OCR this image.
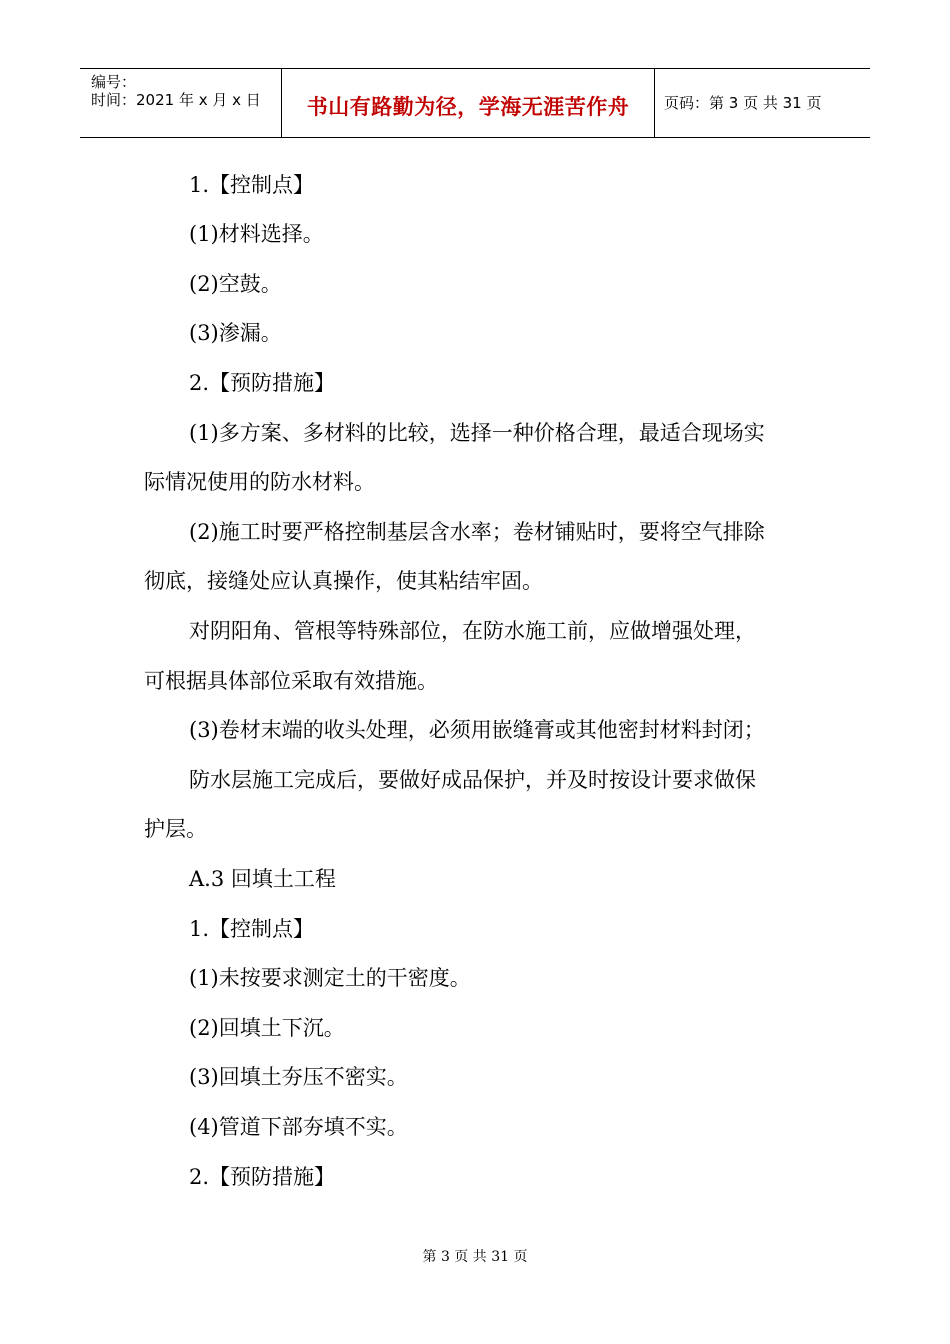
编号：
时间：2021 年 x 月 x 日	书山有路勤为径，学海无涯苦作舟	页码：第 3 页 共 31 页
1.【控制点】
(1)材料选择。
(2)空鼓。
(3)渗漏。
2.【预防措施】
(1)多方案、多材料的比较，选择一种价格合理，最适合现场实
际情况使用的防水材料。
(2)施工时要严格控制基层含水率；卷材铺贴时，要将空气排除
彻底，接缝处应认真操作，使其粘结牢固。
对阴阳角、管根等特殊部位，在防水施工前，应做增强处理，
可根据具体部位采取有效措施。
(3)卷材末端的收头处理，必须用嵌缝膏或其他密封材料封闭；
防水层施工完成后，要做好成品保护，并及时按设计要求做保
护层。
A.3 回填土工程
1.【控制点】
(1)未按要求测定土的干密度。
(2)回填土下沉。
(3)回填土夯压不密实。
(4)管道下部夯填不实。
2.【预防措施】
第 3 页 共 31 页
